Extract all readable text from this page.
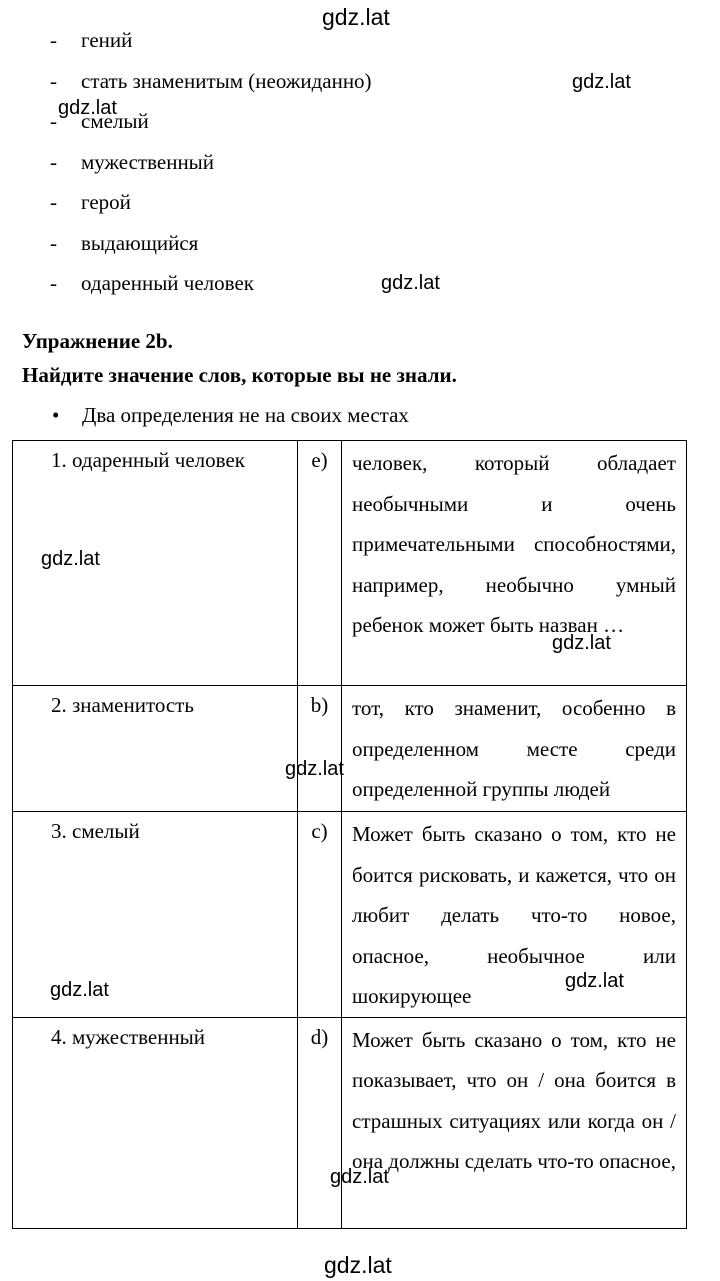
- гений
- стать знаменитым (неожиданно)
- смелый
- мужественный
- герой
- выдающийся
- одаренный человек
Упражнение 2b.
Найдите значение слов, которые вы не знали.
• Два определения не на своих местах
1. одаренный человек	e)	человек, который обладает необычными и очень примечательными способностями, например, необычно умный ребенок может быть назван …

2. знаменитость	b)	тот, кто знаменит, особенно в определенном месте среди определенной группы людей

3. смелый	c)	Может быть сказано о том, кто не боится рисковать, и кажется, что он любит делать что-то новое, опасное, необычное или шокирующее

4. мужественный	d)	Может быть сказано о том, кто не показывает, что он / она боится в страшных ситуациях или когда он / она должны сделать что-то опасное,
gdz.lat
gdz.lat
gdz.lat
gdz.lat
gdz.lat
gdz.lat
gdz.lat
gdz.lat	gdz.lat
gdz.lat
gdz.lat
